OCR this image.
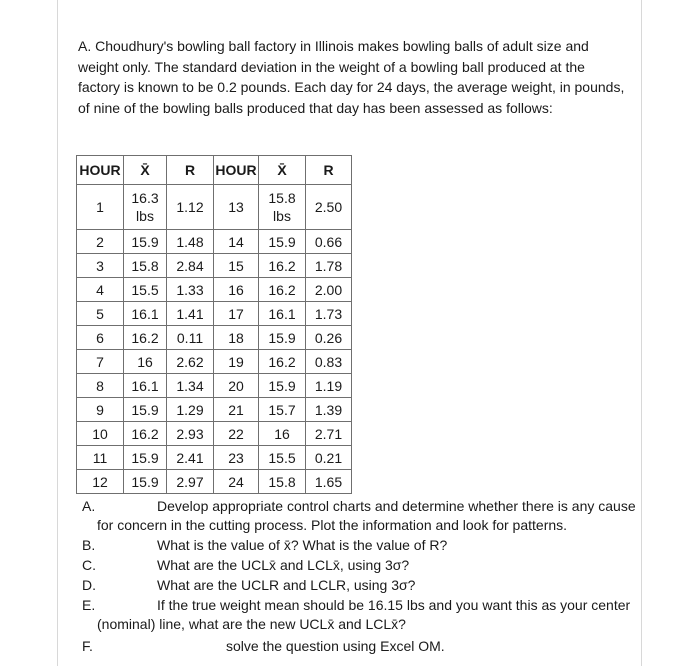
A. Choudhury's bowling ball factory in Illinois makes bowling balls of adult size and weight only. The standard deviation in the weight of a bowling ball produced at the factory is known to be 0.2 pounds. Each day for 24 days, the average weight, in pounds, of nine of the bowling balls produced that day has been assessed as follows:

HOUR	X̄	R	HOUR	X̄	R
1	16.3 lbs	1.12	13	15.8 lbs	2.50
2	15.9	1.48	14	15.9	0.66
3	15.8	2.84	15	16.2	1.78
4	15.5	1.33	16	16.2	2.00
5	16.1	1.41	17	16.1	1.73
6	16.2	0.11	18	15.9	0.26
7	16	2.62	19	16.2	0.83
8	16.1	1.34	20	15.9	1.19
9	15.9	1.29	21	15.7	1.39
10	16.2	2.93	22	16	2.71
11	15.9	2.41	23	15.5	0.21
12	15.9	2.97	24	15.8	1.65
A.	Develop appropriate control charts and determine whether there is any cause
for concern in the cutting process. Plot the information and look for patterns.
B.	What is the value of x̄? What is the value of R?
C.	What are the UCLx̄ and LCLx̄, using 3σ?
D.	What are the UCLR and LCLR, using 3σ?
E.	If the true weight mean should be 16.15 lbs and you want this as your center
(nominal) line, what are the new UCLx̄ and LCLx̄?
F.	solve the question using Excel OM.
